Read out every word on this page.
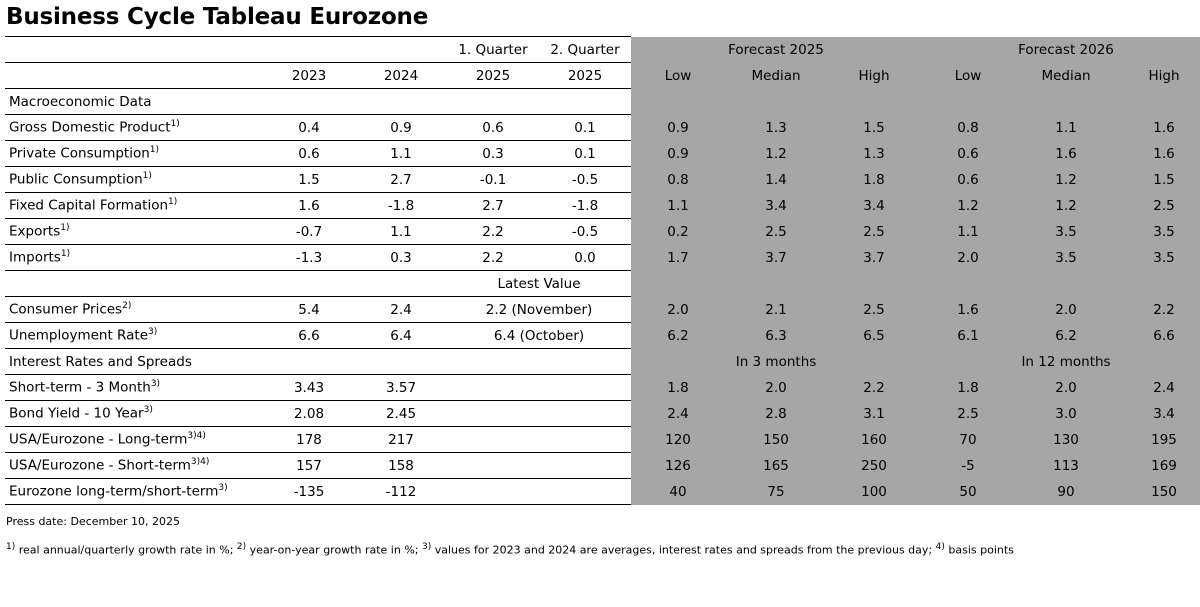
Business Cycle Tableau Eurozone
			1. Quarter	2. Quarter	Forecast 2025			Forecast 2026		
	2023	2024	2025	2025	Low	Median	High	Low	Median	High
Macroeconomic Data										
Gross Domestic Product$^{1)}$	0.4	0.9	0.6	0.1	0.9	1.3	1.5	0.8	1.1	1.6
Private Consumption$^{1)}$	0.6	1.1	0.3	0.1	0.9	1.2	1.3	0.6	1.6	1.6
Public Consumption$^{1)}$	1.5	2.7	-0.1	-0.5	0.8	1.4	1.8	0.6	1.2	1.5
Fixed Capital Formation$^{1)}$	1.6	-1.8	2.7	-1.8	1.1	3.4	3.4	1.2	1.2	2.5
Exports$^{1)}$	-0.7	1.1	2.2	-0.5	0.2	2.5	2.5	1.1	3.5	3.5
Imports$^{1)}$	-1.3	0.3	2.2	0.0	1.7	3.7	3.7	2.0	3.5	3.5
			Latest Value							
Consumer Prices$^{2)}$	5.4	2.4	2.2 (November)		2.0	2.1	2.5	1.6	2.0	2.2
Unemployment Rate$^{3)}$	6.6	6.4	6.4 (October)		6.2	6.3	6.5	6.1	6.2	6.6
Interest Rates and Spreads					In 3 months			In 12 months		
Short-term - 3 Month$^{3)}$	3.43	3.57			1.8	2.0	2.2	1.8	2.0	2.4
Bond Yield - 10 Year$^{3)}$	2.08	2.45			2.4	2.8	3.1	2.5	3.0	3.4
USA/Eurozone - Long-term$^{3)4)}$	178	217			120	150	160	70	130	195
USA/Eurozone - Short-term$^{3)4)}$	157	158			126	165	250	-5	113	169
Eurozone long-term/short-term$^{3)}$	-135	-112			40	75	100	50	90	150
Press date: December 10, 2025
$^{1)}$ real annual/quarterly growth rate in %; $^{2)}$ year-on-year growth rate in %; $^{3)}$ values for 2023 and 2024 are averages, interest rates and spreads from the previous day; $^{4)}$ basis points
